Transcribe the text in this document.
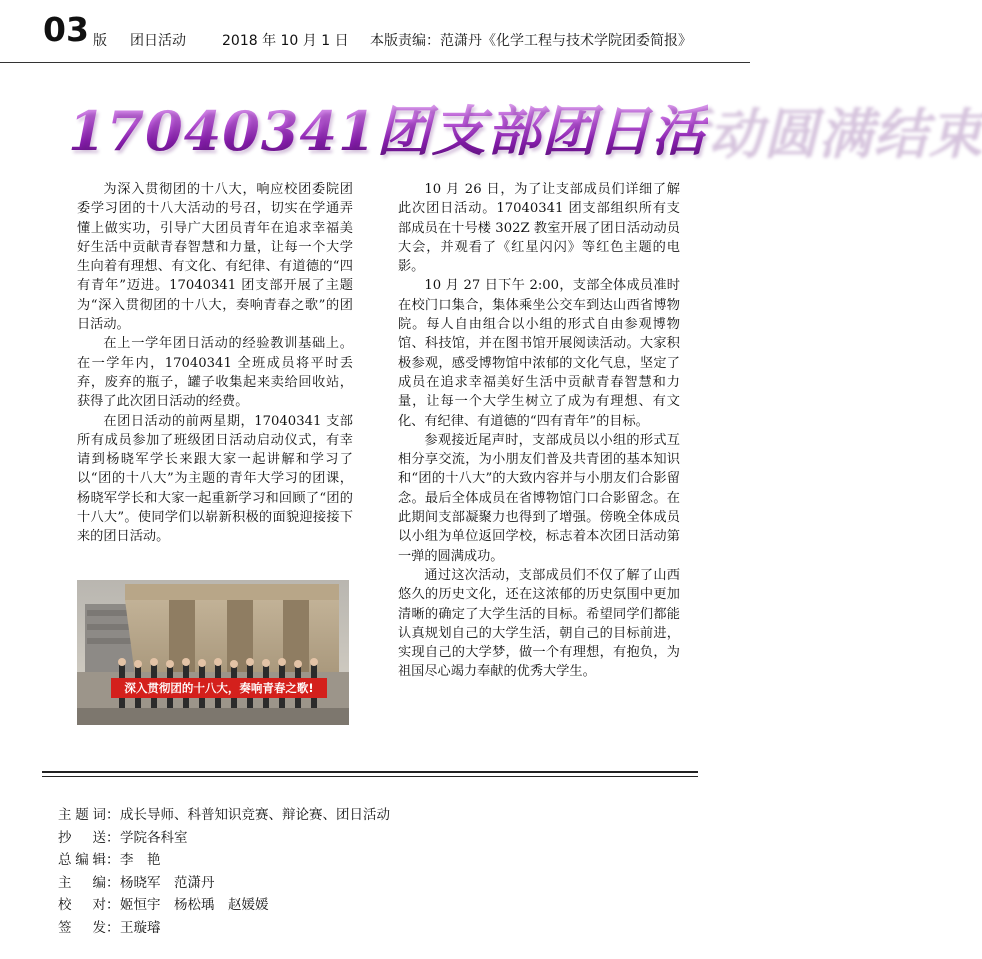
03 版 团日活动	2018 年 10 月 1 日 本版责编：范潇丹《化学工程与技术学院团委简报》
17040341团支部团日活动圆满结束

为深入贯彻团的十八大，响应校团委院团委学习团的十八大活动的号召，切实在学通弄懂上做实功，引导广大团员青年在追求幸福美好生活中贡献青春智慧和力量，让每一个大学生向着有理想、有文化、有纪律、有道德的“四有青年”迈进。17040341 团支部开展了主题为“深入贯彻团的十八大，奏响青春之歌”的团日活动。

在上一学年团日活动的经验教训基础上。在一学年内，17040341 全班成员将平时丢弃，废弃的瓶子，罐子收集起来卖给回收站，获得了此次团日活动的经费。

在团日活动的前两星期，17040341 支部所有成员参加了班级团日活动启动仪式，有幸请到杨晓军学长来跟大家一起讲解和学习了以“团的十八大”为主题的青年大学习的团课，杨晓军学长和大家一起重新学习和回顾了“团的十八大”。使同学们以崭新积极的面貌迎接接下来的团日活动。

深入贯彻团的十八大，奏响青春之歌!

10 月 26 日，为了让支部成员们详细了解此次团日活动。17040341 团支部组织所有支部成员在十号楼 302Z 教室开展了团日活动动员大会，并观看了《红星闪闪》等红色主题的电影。

10 月 27 日下午 2:00，支部全体成员准时在校门口集合，集体乘坐公交车到达山西省博物院。每人自由组合以小组的形式自由参观博物馆、科技馆，并在图书馆开展阅读活动。大家积极参观，感受博物馆中浓郁的文化气息，坚定了成员在追求幸福美好生活中贡献青春智慧和力量，让每一个大学生树立了成为有理想、有文化、有纪律、有道德的“四有青年”的目标。

参观接近尾声时，支部成员以小组的形式互相分享交流，为小朋友们普及共青团的基本知识和“团的十八大”的大致内容并与小朋友们合影留念。最后全体成员在省博物馆门口合影留念。在此期间支部凝聚力也得到了增强。傍晚全体成员以小组为单位返回学校，标志着本次团日活动第一弹的圆满成功。

通过这次活动，支部成员们不仅了解了山西悠久的历史文化，还在这浓郁的历史氛围中更加清晰的确定了大学生活的目标。希望同学们都能认真规划自己的大学生活，朝自己的目标前进，实现自己的大学梦，做一个有理想，有抱负，为祖国尽心竭力奉献的优秀大学生。

主题词：成长导师、科普知识竞赛、辩论赛、团日活动
抄送：学院各科室
总编辑：李　艳
主编：杨晓军　范潇丹
校对：姬恒宇　杨松瑀　赵媛媛
签发：王璇璿
